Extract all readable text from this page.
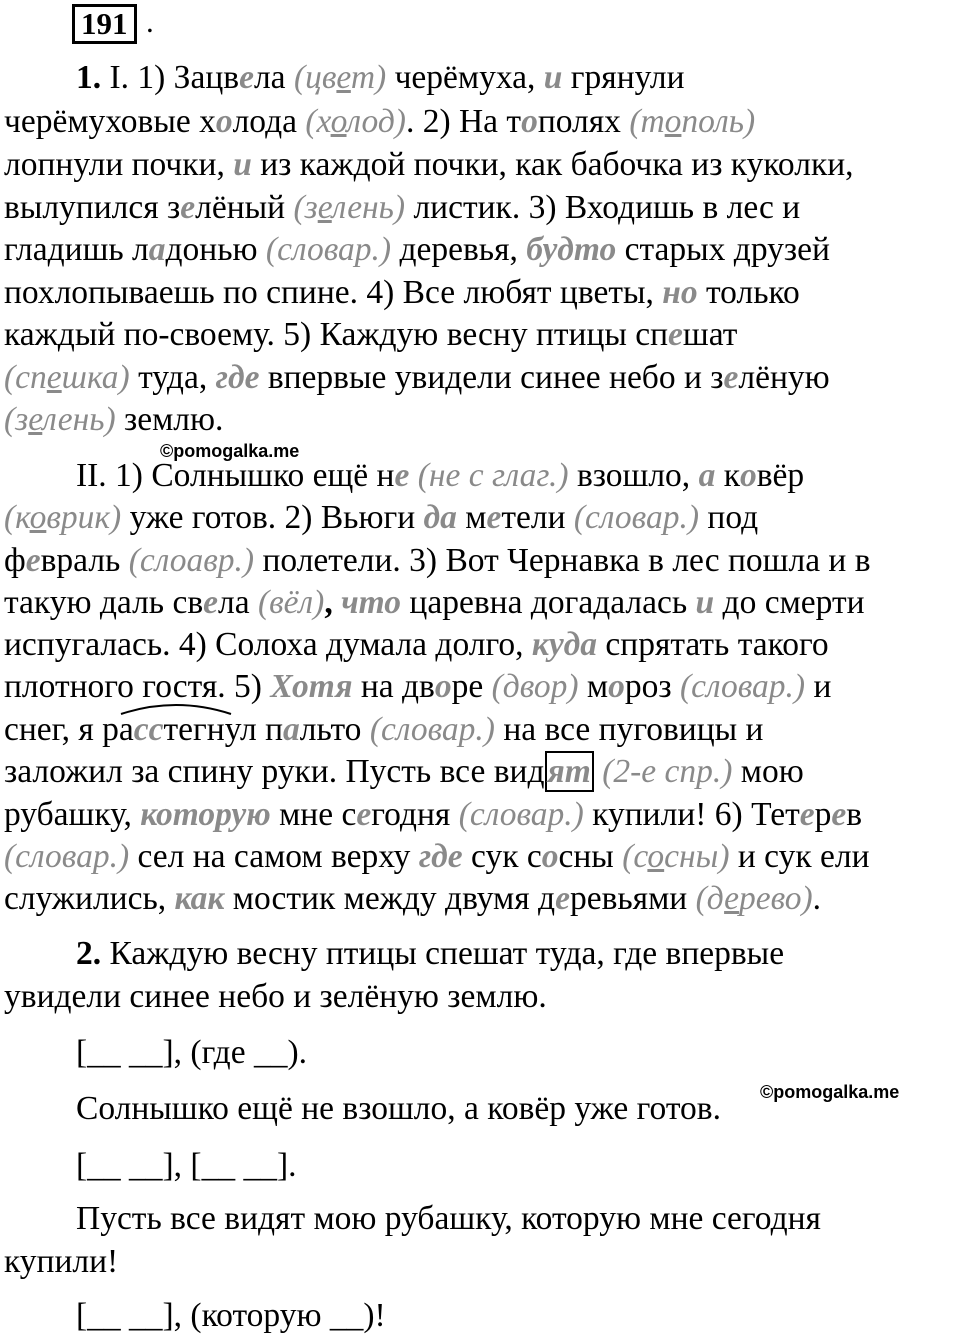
191 .
1. I. 1) Зацвела (цвет) черёмуха, и грянули
черёмуховые холода (холод). 2) На тополях (тополь)
лопнули почки, и из каждой почки, как бабочка из куколки,
вылупился зелёный (зелень) листик. 3) Входишь в лес и
гладишь ладонью (словар.) деревья, будто старых друзей
похлопываешь по спине. 4) Все любят цветы, но только
каждый по-своему. 5) Каждую весну птицы спешат
(спешка) туда, где впервые увидели синее небо и зелёную
(зелень) землю.
©pomogalka.me
II. 1) Солнышко ещё не (не с глаг.) взошло, а ковёр
(коврик) уже готов. 2) Вьюги да метели (словар.) под
февраль (слоавр.) полетели. 3) Вот Чернавка в лес пошла и в
такую даль свела (вёл), что царевна догадалась и до смерти
испугалась. 4) Солоха думала долго, куда спрятать такого
плотного гостя. 5) Хотя на дворе (двор) мороз (словар.) и
снег, я расстегнул пальто (словар.) на все пуговицы и
заложил за спину руки. Пусть все видят (2-е спр.) мою
рубашку, которую мне сегодня (словар.) купили! 6) Тетерев
(словар.) сел на самом верху где сук сосны (сосны) и сук ели
служились, как мостик между двумя деревьями (дерево).
2. Каждую весну птицы спешат туда, где впервые
увидели синее небо и зелёную землю.
[__ __], (где __).
Солнышко ещё не взошло, а ковёр уже готов. ©pomogalka.me
[__ __], [__ __].
Пусть все видят мою рубашку, которую мне сегодня
купили!
[__ __], (которую __)!
